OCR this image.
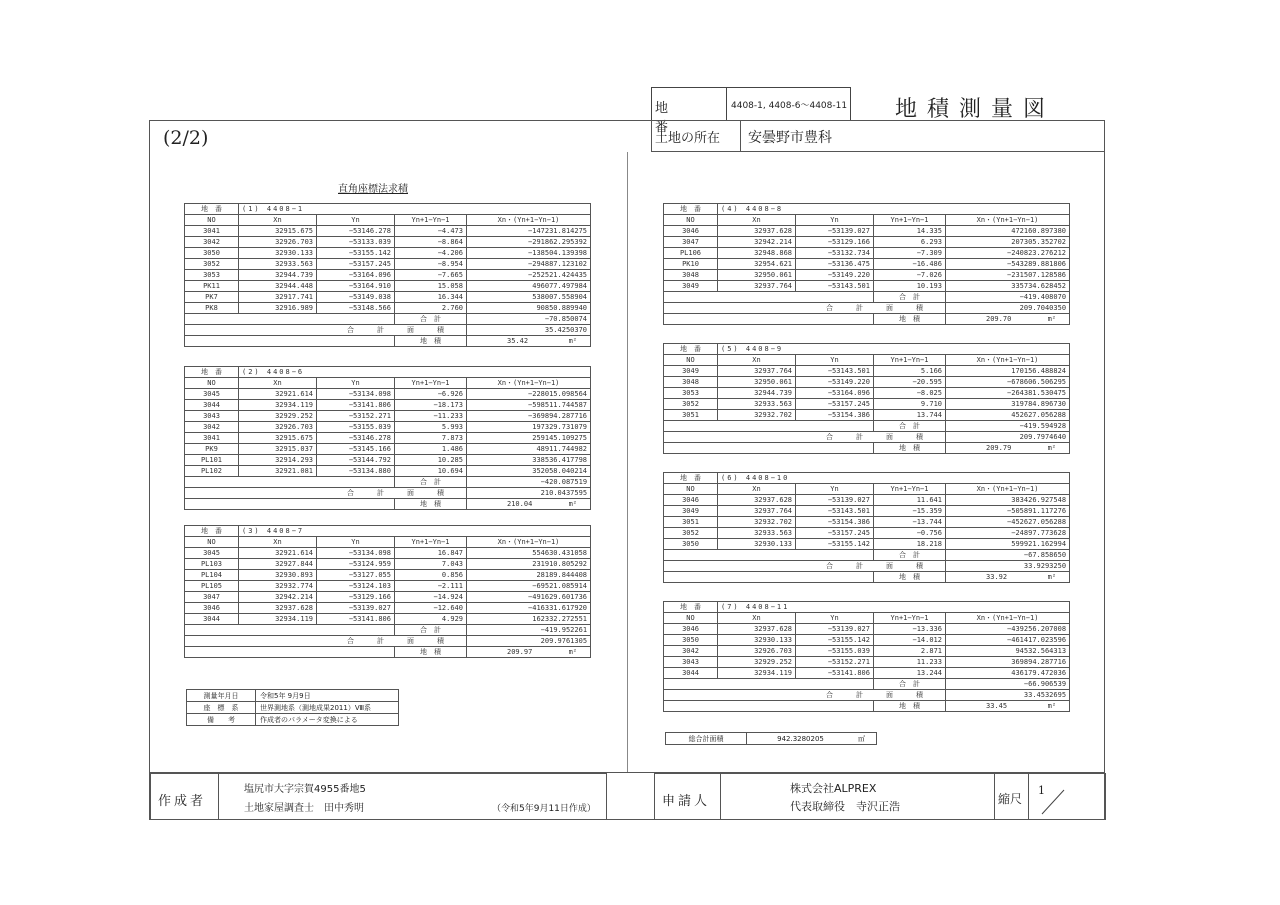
地　番
4408-1, 4408-6～4408-11 地積測量図
土地の所在 安曇野市豊科
(2/2)
直角座標法求積
地　番	(1) 4408−1			
NO	Xn	Yn	Yn+1−Yn−1	Xn・(Yn+1−Yn−1)
3041	32915.675	−53146.278	−4.473	−147231.814275
3042	32926.703	−53133.039	−8.864	−291862.295392
3050	32930.133	−53155.142	−4.206	−138504.139398
3052	32933.563	−53157.245	−8.954	−294887.123102
3053	32944.739	−53164.096	−7.665	−252521.424435
PK11	32944.448	−53164.910	15.058	496077.497984
PK7	32917.741	−53149.038	16.344	538007.558904
PK8	32916.989	−53148.566	2.760	90850.889940
			合　計	−70.850074
		合　計　面　積		35.4250370
			地　積	35.42 m²
地　番	(2) 4408−6			
NO	Xn	Yn	Yn+1−Yn−1	Xn・(Yn+1−Yn−1)
3045	32921.614	−53134.098	−6.926	−228015.098564
3044	32934.119	−53141.806	−18.173	−598511.744587
3043	32929.252	−53152.271	−11.233	−369894.287716
3042	32926.703	−53155.039	5.993	197329.731079
3041	32915.675	−53146.278	7.873	259145.109275
PK9	32915.037	−53145.166	1.486	48911.744982
PL101	32914.293	−53144.792	10.285	338536.417798
PL102	32921.081	−53134.880	10.694	352058.040214
			合　計	−420.087519
		合　計　面　積		210.0437595
			地　積	210.04 m²
地　番	(3) 4408−7			
NO	Xn	Yn	Yn+1−Yn−1	Xn・(Yn+1−Yn−1)
3045	32921.614	−53134.098	16.847	554630.431058
PL103	32927.844	−53124.959	7.043	231910.805292
PL104	32930.893	−53127.055	0.856	28189.844408
PL105	32932.774	−53124.103	−2.111	−69521.085914
3047	32942.214	−53129.166	−14.924	−491629.601736
3046	32937.628	−53139.027	−12.640	−416331.617920
3044	32934.119	−53141.806	4.929	162332.272551
			合　計	−419.952261
		合　計　面　積		209.9761305
			地　積	209.97 m²
地　番	(4) 4408−8			
NO	Xn	Yn	Yn+1−Yn−1	Xn・(Yn+1−Yn−1)
3046	32937.628	−53139.027	14.335	472160.897380
3047	32942.214	−53129.166	6.293	207305.352702
PL106	32948.868	−53132.734	−7.309	−240823.276212
PK10	32954.621	−53136.475	−16.486	−543289.881806
3048	32950.061	−53149.220	−7.026	−231507.128586
3049	32937.764	−53143.501	10.193	335734.628452
			合　計	−419.408070
		合　計　面　積		209.7040350
			地　積	209.70 m²
地　番	(5) 4408−9			
NO	Xn	Yn	Yn+1−Yn−1	Xn・(Yn+1−Yn−1)
3049	32937.764	−53143.501	5.166	170156.488824
3048	32950.061	−53149.220	−20.595	−678606.506295
3053	32944.739	−53164.096	−8.025	−264381.530475
3052	32933.563	−53157.245	9.710	319784.896730
3051	32932.702	−53154.386	13.744	452627.056288
			合　計	−419.594928
		合　計　面　積		209.7974640
			地　積	209.79 m²
地　番	(6) 4408−10			
NO	Xn	Yn	Yn+1−Yn−1	Xn・(Yn+1−Yn−1)
3046	32937.628	−53139.027	11.641	383426.927548
3049	32937.764	−53143.501	−15.359	−505891.117276
3051	32932.702	−53154.386	−13.744	−452627.056288
3052	32933.563	−53157.245	−0.756	−24897.773628
3050	32930.133	−53155.142	18.218	599921.162994
			合　計	−67.858650
		合　計　面　積		33.9293250
			地　積	33.92 m²
地　番	(7) 4408−11			
NO	Xn	Yn	Yn+1−Yn−1	Xn・(Yn+1−Yn−1)
3046	32937.628	−53139.027	−13.336	−439256.207008
3050	32930.133	−53155.142	−14.012	−461417.023596
3042	32926.703	−53155.039	2.871	94532.564313
3043	32929.252	−53152.271	11.233	369894.287716
3044	32934.119	−53141.806	13.244	436179.472036
			合　計	−66.906539
		合　計　面　積		33.4532695
			地　積	33.45 m²
測量年月日	令和5年 9月9日
座　標　系	世界測地系（測地成果2011）Ⅷ系
備　　考	作成者のパラメータ変換による
総合計面積	942.3280205	㎡
作成者
塩尻市大字宗賀4955番地5
土地家屋調査士　田中秀明	（令和5年9月11日作成）	申請人
株式会社ALPREX
代表取締役　寺沢正浩
縮尺
1
